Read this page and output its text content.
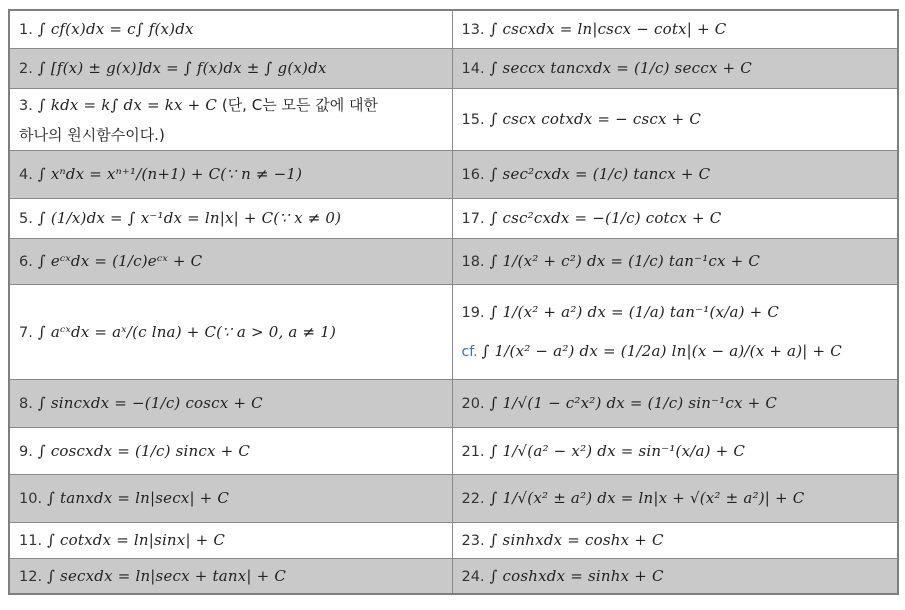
1. ∫ cf(x)dx = c∫ f(x)dx	13. ∫ cscxdx = ln|cscx − cotx| + C
2. ∫ [f(x) ± g(x)]dx = ∫ f(x)dx ± ∫ g(x)dx	14. ∫ seccx tancxdx = (1/c) seccx + C

3. ∫ kdx = k∫ dx = kx + C (단, C는 모든 값에 대한
하나의 원시함수이다.)	15. ∫ cscx cotxdx = − cscx + C
4. ∫ xⁿdx = xⁿ⁺¹/(n+1) + C(∵ n ≠ −1)	16. ∫ sec²cxdx = (1/c) tancx + C
5. ∫ (1/x)dx = ∫ x⁻¹dx = ln|x| + C(∵ x ≠ 0)	17. ∫ csc²cxdx = −(1/c) cotcx + C
6. ∫ eᶜˣdx = (1/c)eᶜˣ + C	18. ∫ 1/(x² + c²) dx = (1/c) tan⁻¹cx + C
7. ∫ aᶜˣdx = aˣ/(c lna) + C(∵ a > 0, a ≠ 1)	19. ∫ 1/(x² + a²) dx = (1/a) tan⁻¹(x/a) + C
cf. ∫ 1/(x² − a²) dx = (1/2a) ln|(x − a)/(x + a)| + C

8. ∫ sincxdx = −(1/c) coscx + C	20. ∫ 1/√(1 − c²x²) dx = (1/c) sin⁻¹cx + C
9. ∫ coscxdx = (1/c) sincx + C	21. ∫ 1/√(a² − x²) dx = sin⁻¹(x/a) + C
10. ∫ tanxdx = ln|secx| + C	22. ∫ 1/√(x² ± a²) dx = ln|x + √(x² ± a²)| + C
11. ∫ cotxdx = ln|sinx| + C	23. ∫ sinhxdx = coshx + C
12. ∫ secxdx = ln|secx + tanx| + C	24. ∫ coshxdx = sinhx + C
